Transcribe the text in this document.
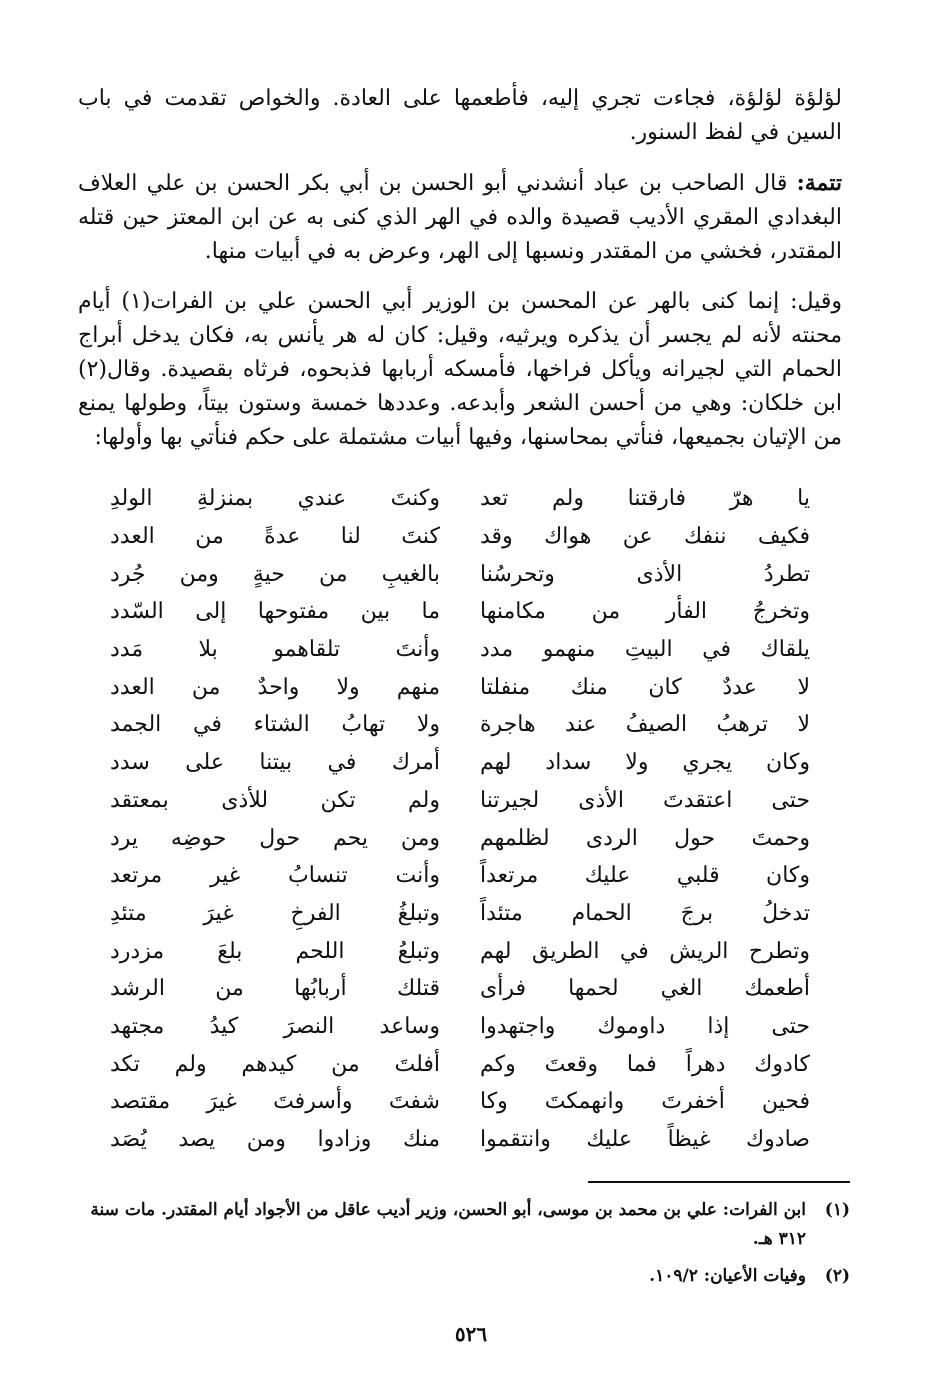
لؤلؤة لؤلؤة، فجاءت تجري إليه، فأطعمها على العادة. والخواص تقدمت في باب السين في لفظ السنور.
تتمة: قال الصاحب بن عباد أنشدني أبو الحسن بن أبي بكر الحسن بن علي العلاف البغدادي المقري الأديب قصيدة والده في الهر الذي كنى به عن ابن المعتز حين قتله المقتدر، فخشي من المقتدر ونسبها إلى الهر، وعرض به في أبيات منها.
وقيل: إنما كنى بالهر عن المحسن بن الوزير أبي الحسن علي بن الفرات(١) أيام محنته لأنه لم يجسر أن يذكره ويرثيه، وقيل: كان له هر يأنس به، فكان يدخل أبراج الحمام التي لجيرانه ويأكل فراخها، فأمسكه أربابها فذبحوه، فرثاه بقصيدة. وقال(٢) ابن خلكان: وهي من أحسن الشعر وأبدعه. وعددها خمسة وستون بيتاً، وطولها يمنع من الإتيان بجميعها، فنأتي بمحاسنها، وفيها أبيات مشتملة على حكم فنأتي بها وأولها:
يا هرّ فارقتنا ولم تعد
وكنتَ عندي بمنزلةِ الولدِ
فكيف ننفك عن هواك وقد
كنتَ لنا عدةً من العدد
تطردُ الأذى وتحرسُنا
بالغيبِ من حيةٍ ومن جُرد
وتخرجُ الفأر من مكامنها
ما بين مفتوحها إلى السّدد
يلقاك في البيتِ منهمو مدد
وأنتَ تلقاهمو بلا مَدد
لا عددٌ كان منك منفلتا
منهم ولا واحدٌ من العدد
لا ترهبُ الصيفُ عند هاجرة
ولا تهابُ الشتاء في الجمد
وكان يجري ولا سداد لهم
أمرك في بيتنا على سدد
حتى اعتقدتَ الأذى لجيرتنا
ولم تكن للأذى بمعتقد
وحمتَ حول الردى لظلمهم
ومن يحم حول حوضِه يرد
وكان قلبي عليك مرتعداً
وأنت تنسابُ غير مرتعد
تدخلُ برجَ الحمام متئداً
وتبلغُ الفرخِ غيرَ متئدِ
وتطرح الريش في الطريق لهم
وتبلعُ اللحم بلعَ مزدرد
أطعمك الغي لحمها فرأى
قتلك أربابُها من الرشد
حتى إذا داوموك واجتهدوا
وساعد النصرَ كيدُ مجتهد
كادوك دهراً فما وقعتَ وكم
أفلتَ من كيدهم ولم تكد
فحين أخفرتَ وانهمكتَ وكا
شفتَ وأسرفتَ غيرَ مقتصد
صادوك غيظاً عليك وانتقموا
منك وزادوا ومن يصد يُصَد
(١)
ابن الفرات: علي بن محمد بن موسى، أبو الحسن، وزير أديب عاقل من الأجواد أيام المقتدر. مات سنة ٣١٢ هـ.
(٢)
وفيات الأعيان: ١٠٩/٢.
٥٢٦
